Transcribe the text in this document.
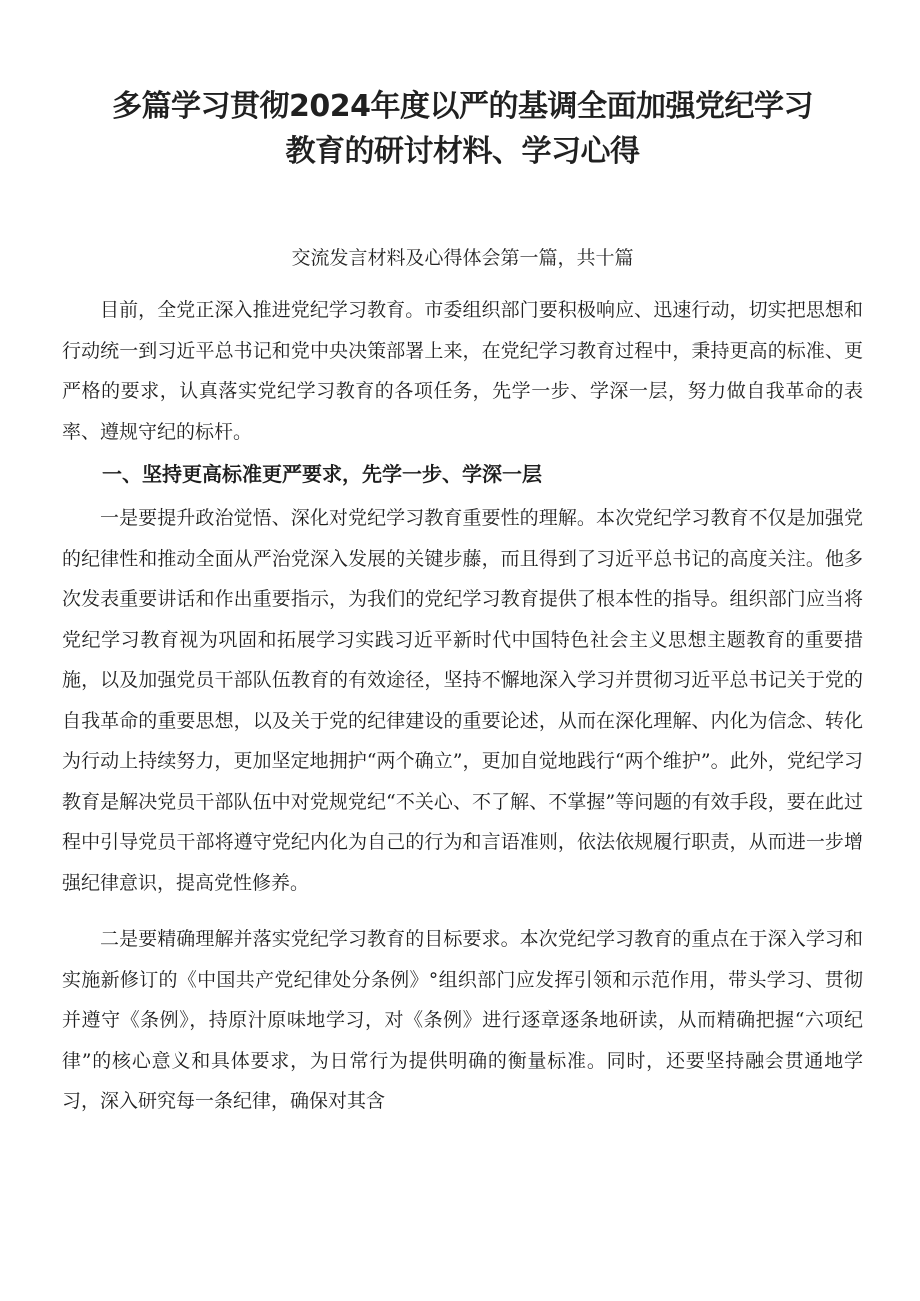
多篇学习贯彻2024年度以严的基调全面加强党纪学习
教育的研讨材料、学习心得

交流发言材料及心得体会第一篇，共十篇

目前，全党正深入推进党纪学习教育。市委组织部门要积极响应、迅速行动，切实把思想和行动统一到习近平总书记和党中央决策部署上来，在党纪学习教育过程中，秉持更高的标准、更严格的要求，认真落实党纪学习教育的各项任务，先学一步、学深一层，努力做自我革命的表率、遵规守纪的标杆。

一、坚持更高标准更严要求，先学一步、学深一层

一是要提升政治觉悟、深化对党纪学习教育重要性的理解。本次党纪学习教育不仅是加强党的纪律性和推动全面从严治党深入发展的关键步藤，而且得到了习近平总书记的高度关注。他多次发表重要讲话和作出重要指示，为我们的党纪学习教育提供了根本性的指导。组织部门应当将党纪学习教育视为巩固和拓展学习实践习近平新时代中国特色社会主义思想主题教育的重要措施，以及加强党员干部队伍教育的有效途径，坚持不懈地深入学习并贯彻习近平总书记关于党的自我革命的重要思想，以及关于党的纪律建设的重要论述，从而在深化理解、内化为信念、转化为行动上持续努力，更加坚定地拥护“两个确立”，更加自觉地践行“两个维护”。此外，党纪学习教育是解决党员干部队伍中对党规党纪“不关心、不了解、不掌握”等问题的有效手段，要在此过程中引导党员干部将遵守党纪内化为自己的行为和言语准则，依法依规履行职责，从而进一步增强纪律意识，提高党性修养。

二是要精确理解并落实党纪学习教育的目标要求。本次党纪学习教育的重点在于深入学习和实施新修订的《中国共产党纪律处分条例》°组织部门应发挥引领和示范作用，带头学习、贯彻并遵守《条例》，持原汁原味地学习，对《条例》进行逐章逐条地研读，从而精确把握“六项纪律”的核心意义和具体要求，为日常行为提供明确的衡量标准。同时，还要坚持融会贯通地学习，深入研究每一条纪律，确保对其含
